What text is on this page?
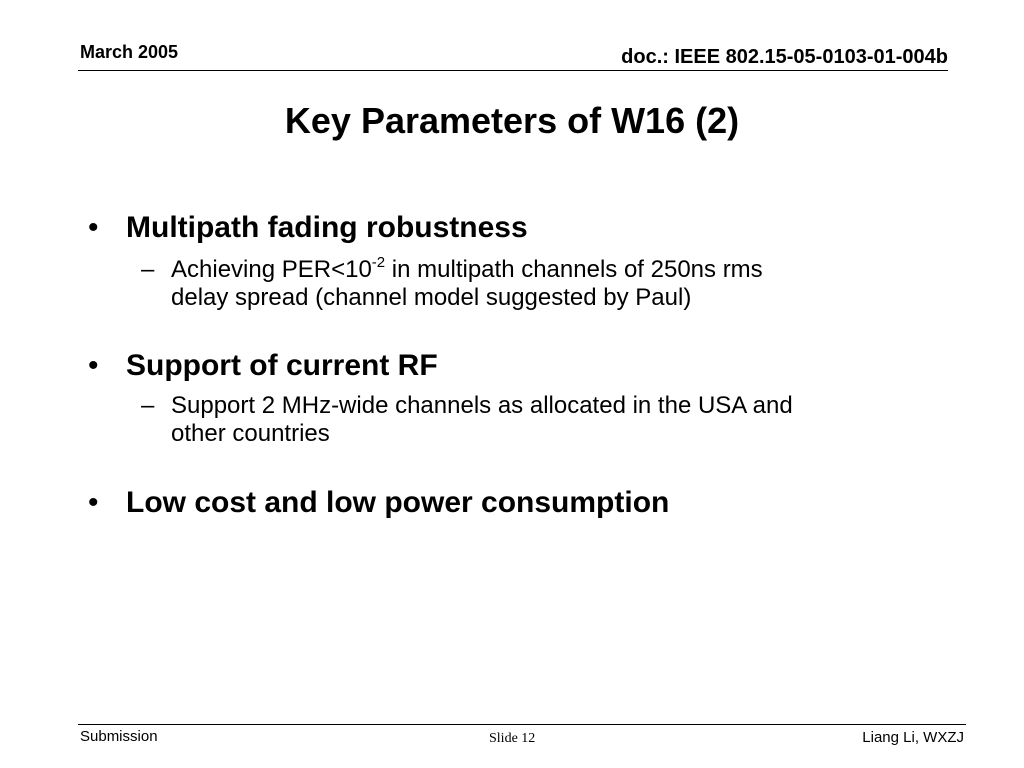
March 2005	doc.: IEEE 802.15-05-0103-01-004b
Key Parameters of W16 (2)
• Multipath fading robustness
– Achieving $PER<10^{-2}$ in multipath channels of 250ns rms
delay spread (channel model suggested by Paul)
• Support of current RF
– Support 2 MHz-wide channels as allocated in the USA and
other countries
• Low cost and low power consumption
Submission	Slide 12	Liang Li, WXZJ
